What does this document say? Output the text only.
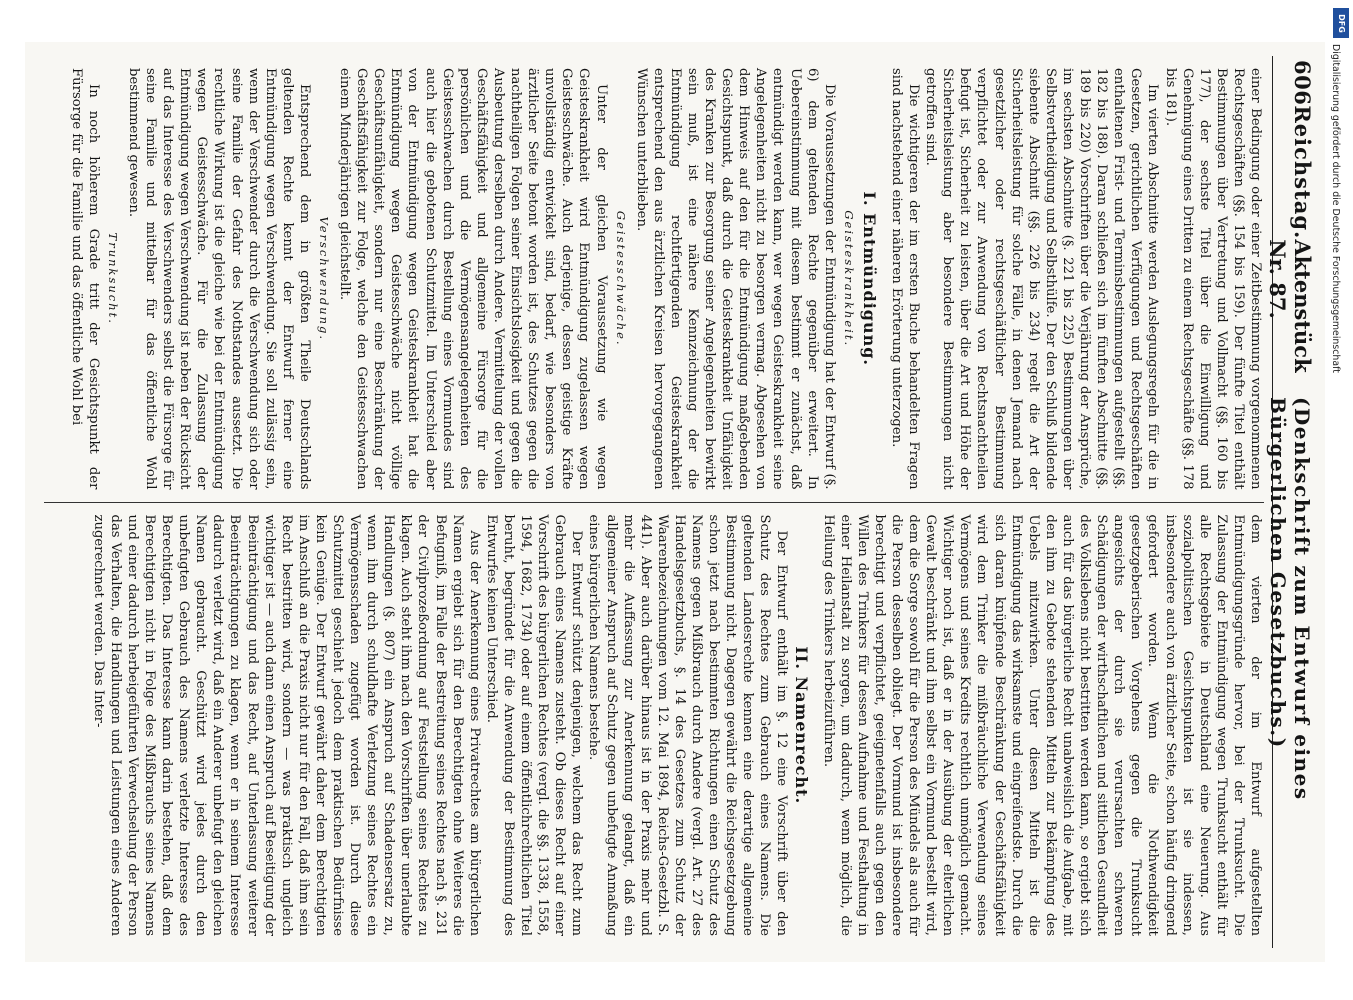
606
Reichstag.
Aktenstück Nr. 87.
(Denkschrift zum Entwurf eines Bürgerlichen Gesetzbuchs.)

einer Bedingung oder einer Zeitbestimmung vorgenommenen Rechtsgeschäften (§§. 154 bis 159). Der fünfte Titel enthält Bestimmungen über Vertretung und Vollmacht (§§. 160 bis 177), der sechste Titel über die Einwilligung und Genehmigung eines Dritten zu einem Rechtsgeschäfte (§§. 178 bis 181).

Im vierten Abschnitte werden Auslegungsregeln für die in Gesetzen, gerichtlichen Verfügungen und Rechtsgeschäften enthaltenen Frist- und Terminsbestimmungen aufgestellt (§§. 182 bis 188). Daran schließen sich im fünften Abschnitte (§§. 189 bis 220) Vorschriften über die Verjährung der Ansprüche, im sechsten Abschnitte (§. 221 bis 225) Bestimmungen über Selbstvertheidigung und Selbsthülfe. Der den Schluß bildende siebente Abschnitt (§§. 226 bis 234) regelt die Art der Sicherheitsleistung für solche Fälle, in denen Jemand nach gesetzlicher oder rechtsgeschäftlicher Bestimmung verpflichtet oder zur Anwendung von Rechtsnachtheilen befugt ist, Sicherheit zu leisten, über die Art und Höhe der Sicherheitsleistung aber besondere Bestimmungen nicht getroffen sind.

Die wichtigeren der im ersten Buche behandelten Fragen sind nachstehend einer näheren Erörterung unterzogen.

I. Entmündigung.
Geisteskrankheit.

Die Voraussetzungen der Entmündigung hat der Entwurf (§. 6) dem geltenden Rechte gegenüber erweitert. In Uebereinstimmung mit diesem bestimmt er zunächst, daß entmündigt werden kann, wer wegen Geisteskrankheit seine Angelegenheiten nicht zu besorgen vermag. Abgesehen von dem Hinweis auf den für die Entmündigung maßgebenden Gesichtspunkt, daß durch die Geisteskrankheit Unfähigkeit des Kranken zur Besorgung seiner Angelegenheiten bewirkt sein muß, ist eine nähere Kennzeichnung der die Entmündigung rechtfertigenden Geisteskrankheit entsprechend den aus ärztlichen Kreisen hervorgegangenen Wünschen unterblieben.

Geistesschwäche.

Unter der gleichen Voraussetzung wie wegen Geisteskrankheit wird Entmündigung zugelassen wegen Geistesschwäche. Auch derjenige, dessen geistige Kräfte unvollständig entwickelt sind, bedarf, wie besonders von ärztlicher Seite betont worden ist, des Schutzes gegen die nachtheiligen Folgen seiner Einsichtslosigkeit und gegen die Ausbeutung derselben durch Andere. Vermittelung der vollen Geschäftsfähigkeit und allgemeine Fürsorge für die persönlichen und die Vermögensangelegenheiten des Geistesschwachen durch Bestellung eines Vormundes sind auch hier die gebotenen Schutzmittel. Im Unterschied aber von der Entmündigung wegen Geisteskrankheit hat die Entmündigung wegen Geistesschwäche nicht völlige Geschäftsunfähigkeit, sondern nur eine Beschränkung der Geschäftsfähigkeit zur Folge, welche den Geistesschwachen einem Minderjährigen gleichstellt.

Verschwendung.

Entsprechend dem in größten Theile Deutschlands geltenden Rechte kennt der Entwurf ferner eine Entmündigung wegen Verschwendung. Sie soll zulässig sein, wenn der Verschwender durch die Verschwendung sich oder seine Familie der Gefahr des Nothstandes aussetzt. Die rechtliche Wirkung ist die gleiche wie bei der Entmündigung wegen Geistesschwäche. Für die Zulassung der Entmündigung wegen Verschwendung ist neben der Rücksicht auf das Interesse des Verschwenders selbst die Fürsorge für seine Familie und mittelbar für das öffentliche Wohl bestimmend gewesen.

Trunksucht.

In noch höherem Grade tritt der Gesichtspunkt der Fürsorge für die Familie und das öffentliche Wohl bei

dem vierten der im Entwurf aufgestellten Entmündigungsgründe hervor, bei der Trunksucht. Die Zulassung der Entmündigung wegen Trunksucht enthält für alle Rechtsgebiete in Deutschland eine Neuerung. Aus sozialpolitischen Gesichtspunkten ist sie indessen, insbesondere auch von ärztlicher Seite, schon häufig dringend gefordert worden. Wenn die Nothwendigkeit gesetzgeberischen Vorgehens gegen die Trunksucht angesichts der durch sie verursachten schweren Schädigungen der wirthschaftlichen und sittlichen Gesundheit des Volkslebens nicht bestritten werden kann, so ergiebt sich auch für das bürgerliche Recht unabweislich die Aufgabe, mit den ihm zu Gebote stehenden Mitteln zur Bekämpfung des Uebels mitzuwirken. Unter diesen Mitteln ist die Entmündigung das wirksamste und eingreifendste. Durch die sich daran knüpfende Beschränkung der Geschäftsfähigkeit wird dem Trinker die mißbräuchliche Verwendung seines Vermögens und seines Kredits rechtlich unmöglich gemacht. Wichtiger noch ist, daß er in der Ausübung der elterlichen Gewalt beschränkt und ihm selbst ein Vormund bestellt wird, dem die Sorge sowohl für die Person des Mündels als auch für die Person desselben obliegt. Der Vormund ist insbesondere berechtigt und verpflichtet, geeignetenfalls auch gegen den Willen des Trinkers für dessen Aufnahme und Festhaltung in einer Heilanstalt zu sorgen, um dadurch, wenn möglich, die Heilung des Trinkers herbeizuführen.

II. Namenrecht.

Der Entwurf enthält im §. 12 eine Vorschrift über den Schutz des Rechtes zum Gebrauch eines Namens. Die geltenden Landesrechte kennen eine derartige allgemeine Bestimmung nicht. Dagegen gewährt die Reichsgesetzgebung schon jetzt nach bestimmten Richtungen einen Schutz des Namens gegen Mißbrauch durch Andere (vergl. Art. 27 des Handelsgesetzbuchs, §. 14 des Gesetzes zum Schutz der Waarenbezeichnungen vom 12. Mai 1894, Reichs-Gesetzbl. S. 441). Aber auch darüber hinaus ist in der Praxis mehr und mehr die Auffassung zur Anerkennung gelangt, daß ein allgemeiner Anspruch auf Schutz gegen unbefugte Anmaßung eines bürgerlichen Namens bestehe.

Der Entwurf schützt denjenigen, welchem das Recht zum Gebrauch eines Namens zusteht. Ob dieses Recht auf einer Vorschrift des bürgerlichen Rechtes (vergl. die §§. 1338, 1558, 1594, 1682, 1734) oder auf einem öffentlichrechtlichen Titel beruht, begründet für die Anwendung der Bestimmung des Entwurfes keinen Unterschied.

Aus der Anerkennung eines Privatrechtes am bürgerlichen Namen ergiebt sich für den Berechtigten ohne Weiteres die Befugniß, im Falle der Bestreitung seines Rechtes nach §. 231 der Civilprozeßordnung auf Feststellung seines Rechtes zu klagen. Auch steht ihm nach den Vorschriften über unerlaubte Handlungen (§. 807) ein Anspruch auf Schadensersatz zu, wenn ihm durch schuldhafte Verletzung seines Rechtes ein Vermögensschaden zugefügt worden ist. Durch diese Schutzmittel geschieht jedoch dem praktischen Bedürfnisse kein Genüge. Der Entwurf gewährt daher dem Berechtigten im Anschluß an die Praxis nicht nur für den Fall, daß ihm sein Recht bestritten wird, sondern — was praktisch ungleich wichtiger ist — auch dann einen Anspruch auf Beseitigung der Beeinträchtigung und das Recht, auf Unterlassung weiterer Beeinträchtigungen zu klagen, wenn er in seinem Interesse dadurch verletzt wird, daß ein Anderer unbefugt den gleichen Namen gebraucht. Geschützt wird jedes durch den unbefugten Gebrauch des Namens verletzte Interesse des Berechtigten. Das Interesse kann darin bestehen, daß dem Berechtigten nicht in Folge des Mißbrauchs seines Namens und einer dadurch herbeigeführten Verwechselung der Person das Verhalten, die Handlungen und Leistungen eines Anderen zugerechnet werden. Das Inter-

DFG
Digitalisierung gefördert durch die Deutsche Forschungsgemeinschaft
